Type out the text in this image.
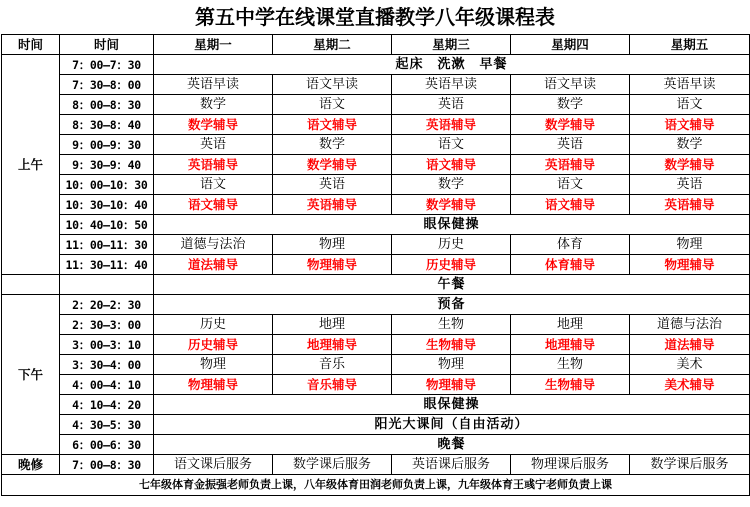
第五中学在线课堂直播教学八年级课程表
时间	时间	星期一	星期二	星期三	星期四	星期五
上午	7：00—7：30	起床　洗漱　早餐				
	7：30—8：00	英语早读	语文早读	英语早读	语文早读	英语早读
	8：00—8：30	数学	语文	英语	数学	语文
	8：30—8：40	数学辅导	语文辅导	英语辅导	数学辅导	语文辅导
	9：00—9：30	英语	数学	语文	英语	数学
	9：30—9：40	英语辅导	数学辅导	语文辅导	英语辅导	数学辅导
	10：00—10：30	语文	英语	数学	语文	英语
	10：30—10：40	语文辅导	英语辅导	数学辅导	语文辅导	英语辅导
	10：40—10：50	眼保健操				
	11：00—11：30	道德与法治	物理	历史	体育	物理
	11：30—11：40	道法辅导	物理辅导	历史辅导	体育辅导	物理辅导
		午餐				
下午	2：20—2：30	预备				
	2：30—3：00	历史	地理	生物	地理	道德与法治
	3：00—3：10	历史辅导	地理辅导	生物辅导	地理辅导	道法辅导
	3：30—4：00	物理	音乐	物理	生物	美术
	4：00—4：10	物理辅导	音乐辅导	物理辅导	生物辅导	美术辅导
	4：10—4：20	眼保健操				
	4：30—5：30	阳光大课间（自由活动）				
	6：00—6：30	晚餐				
晚修	7：00—8：30	语文课后服务	数学课后服务	英语课后服务	物理课后服务	数学课后服务
七年级体育金振强老师负责上课，八年级体育田润老师负责上课，九年级体育王彧宁老师负责上课						
